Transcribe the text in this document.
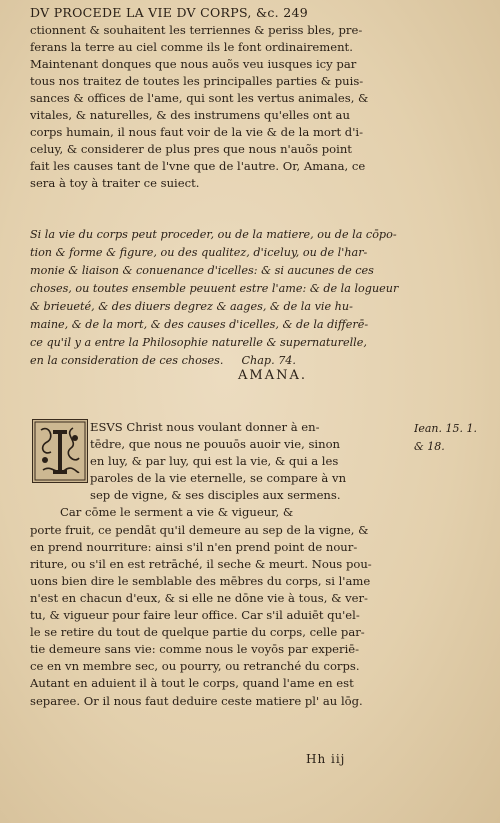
DV PROCEDE LA VIE DV CORPS, &c. 249
ctionnent & souhaitent les terriennes & periss bles, pre-
ferans la terre au ciel comme ils le font ordinairement.
Maintenant donques que nous auõs veu iusques icy par
tous nos traitez de toutes les principalles parties & puis-
sances & offices de l'ame, qui sont les vertus animales, &
vitales, & naturelles, & des instrumens qu'elles ont au
corps humain, il nous faut voir de la vie & de la mort d'i-
celuy, & considerer de plus pres que nous n'auõs point
fait les causes tant de l'vne que de l'autre. Or, Amana, ce
sera à toy à traiter ce suiect.
Si la vie du corps peut proceder, ou de la matiere, ou de la cōpo-
tion & forme & figure, ou des qualitez, d'iceluy, ou de l'har-
monie & liaison & conuenance d'icelles: & si aucunes de ces
choses, ou toutes ensemble peuuent estre l'ame: & de la logueur
& brieueté, & des diuers degrez & aages, & de la vie hu-
maine, & de la mort, & des causes d'icelles, & de la differē-
ce qu'il y a entre la Philosophie naturelle & supernaturelle,
en la consideration de ces choses. Chap. 74.
AMANA.
ESVS Christ nous voulant donner à en-
tēdre, que nous ne pouuōs auoir vie, sinon
en luy, & par luy, qui est la vie, & qui a les
paroles de la vie eternelle, se compare à vn
sep de vigne, & ses disciples aux sermens.
Car cōme le serment a vie & vigueur, &
porte fruit, ce pendāt qu'il demeure au sep de la vigne, &
en prend nourriture: ainsi s'il n'en prend point de nour-
riture, ou s'il en est retrāché, il seche & meurt. Nous pou-
uons bien dire le semblable des mēbres du corps, si l'ame
n'est en chacun d'eux, & si elle ne dōne vie à tous, & ver-
tu, & vigueur pour faire leur office. Car s'il aduiēt qu'el-
le se retire du tout de quelque partie du corps, celle par-
tie demeure sans vie: comme nous le voyōs par experiē-
ce en vn membre sec, ou pourry, ou retranché du corps.
Autant en aduient il à tout le corps, quand l'ame en est
separee. Or il nous faut deduire ceste matiere pl' au lōg.
Iean. 15. 1.
& 18.
Hh iij
